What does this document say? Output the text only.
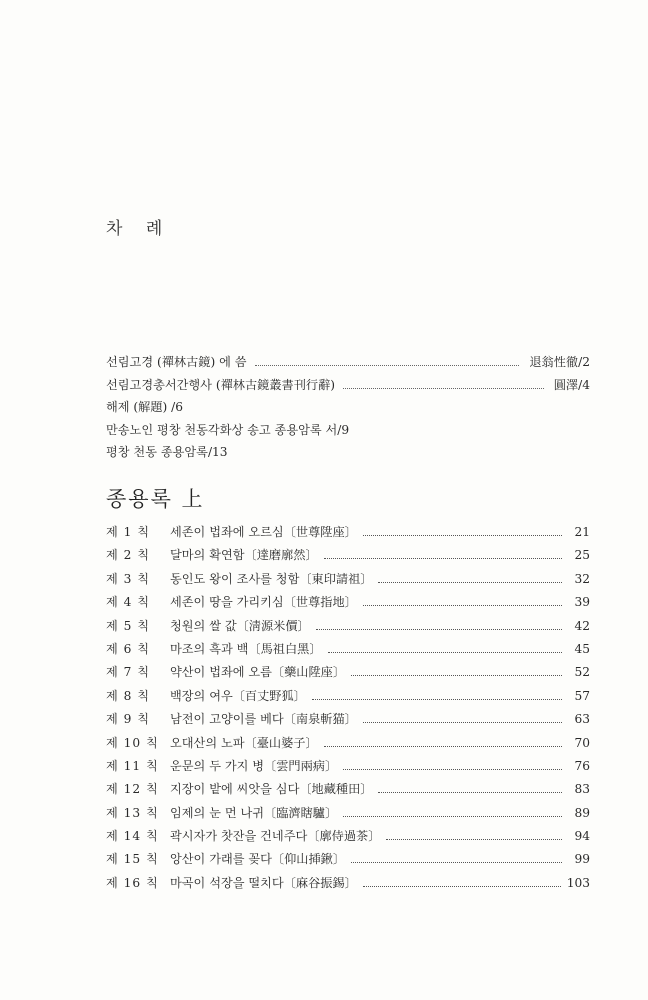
차 례
선림고경 (禪林古鏡) 에 씀	退翁性徹 / 2
선림고경총서간행사 (禪林古鏡叢書刊行辭)	圓澤 / 4
해제 (解題) / 6
만송노인 평창 천동각화상 송고 종용암록 서 / 9
평창 천동 종용암록 / 13
종용록 上
제 1 칙	세존이 법좌에 오르심〔世尊陞座〕	21
제 2 칙	달마의 확연함〔達磨廓然〕	25
제 3 칙	동인도 왕이 조사를 청함〔東印請祖〕	32
제 4 칙	세존이 땅을 가리키심〔世尊指地〕	39
제 5 칙	청원의 쌀 값〔淸源米價〕	42
제 6 칙	마조의 흑과 백〔馬祖白黑〕	45
제 7 칙	약산이 법좌에 오름〔藥山陞座〕	52
제 8 칙	백장의 여우〔百丈野狐〕	57
제 9 칙	남전이 고양이를 베다〔南泉斬猫〕	63
제 10 칙 오대산의 노파〔臺山婆子〕	70
제 11 칙 운문의 두 가지 병〔雲門兩病〕	76
제 12 칙 지장이 밭에 씨앗을 심다〔地藏種田〕	83
제 13 칙 임제의 눈 먼 나귀〔臨濟瞎驢〕	89
제 14 칙 곽시자가 찻잔을 건네주다〔廓侍過茶〕	94
제 15 칙 앙산이 가래를 꽂다〔仰山揷鍬〕	99
제 16 칙 마곡이 석장을 떨치다〔麻谷振錫〕	103
